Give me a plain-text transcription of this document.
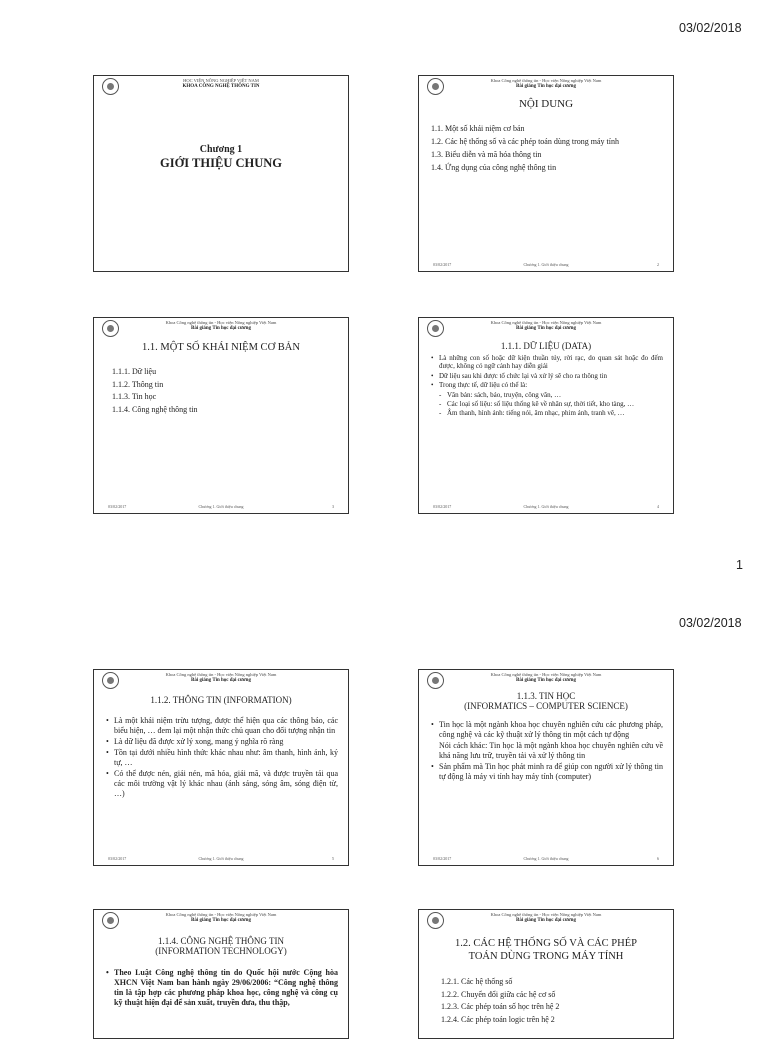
03/02/2018
HỌC VIỆN NÔNG NGHIỆP VIỆT NAM
KHOA CÔNG NGHỆ THÔNG TIN
Chương 1
GIỚI THIỆU CHUNG
Khoa Công nghệ thông tin - Học viện Nông nghiệp Việt Nam
Bài giảng Tin học đại cương
NỘI DUNG
1.1. Một số khái niệm cơ bản
1.2. Các hệ thống số và các phép toán dùng trong máy tính
1.3. Biểu diễn và mã hóa thông tin
1.4. Ứng dụng của công nghệ thông tin
03/02/2017	Chương 1. Giới thiệu chung	2
Khoa Công nghệ thông tin - Học viện Nông nghiệp Việt Nam
Bài giảng Tin học đại cương
1.1. MỘT SỐ KHÁI NIỆM CƠ BẢN
1.1.1. Dữ liệu
1.1.2. Thông tin
1.1.3. Tin học
1.1.4. Công nghệ thông tin
03/02/2017	Chương 1. Giới thiệu chung	3
Khoa Công nghệ thông tin - Học viện Nông nghiệp Việt Nam
Bài giảng Tin học đại cương
1.1.1. DỮ LIỆU (DATA)
• Là những con số hoặc dữ kiện thuần túy, rời rạc, do quan sát hoặc đo đếm được, không có ngữ cảnh hay diễn giải
• Dữ liệu sau khi được tổ chức lại và xử lý sẽ cho ra thông tin
• Trong thực tế, dữ liệu có thể là:
- Văn bản: sách, báo, truyện, công văn, …
- Các loại số liệu: số liệu thống kê về nhân sự, thời tiết, kho tàng, …
- Âm thanh, hình ảnh: tiếng nói, âm nhạc, phim ảnh, tranh vẽ, …
03/02/2017	Chương 1. Giới thiệu chung	4
1
03/02/2018
Khoa Công nghệ thông tin - Học viện Nông nghiệp Việt Nam
Bài giảng Tin học đại cương
1.1.2. THÔNG TIN (INFORMATION)
• Là một khái niệm trừu tượng, được thể hiện qua các thông báo, các biểu hiện, … đem lại một nhận thức chủ quan cho đối tượng nhận tin
• Là dữ liệu đã được xử lý xong, mang ý nghĩa rõ ràng
• Tồn tại dưới nhiều hình thức khác nhau như: âm thanh, hình ảnh, ký tự, …
• Có thể được nén, giải nén, mã hóa, giải mã, và được truyền tải qua các môi trường vật lý khác nhau (ánh sáng, sóng âm, sóng điện từ, …)
03/02/2017	Chương 1. Giới thiệu chung	5
Khoa Công nghệ thông tin - Học viện Nông nghiệp Việt Nam
Bài giảng Tin học đại cương
1.1.3. TIN HỌC
(INFORMATICS – COMPUTER SCIENCE)
• Tin học là một ngành khoa học chuyên nghiên cứu các phương pháp, công nghệ và các kỹ thuật xử lý thông tin một cách tự động
Nói cách khác: Tin học là một ngành khoa học chuyên nghiên cứu về khả năng lưu trữ, truyền tải và xử lý thông tin
• Sản phẩm mà Tin học phát minh ra để giúp con người xử lý thông tin tự động là máy vi tính hay máy tính (computer)
03/02/2017	Chương 1. Giới thiệu chung	6
Khoa Công nghệ thông tin - Học viện Nông nghiệp Việt Nam
Bài giảng Tin học đại cương
1.1.4. CÔNG NGHỆ THÔNG TIN
(INFORMATION TECHNOLOGY)
• Theo Luật Công nghệ thông tin do Quốc hội nước Cộng hòa XHCN Việt Nam ban hành ngày 29/06/2006: “Công nghệ thông tin là tập hợp các phương pháp khoa học, công nghệ và công cụ kỹ thuật hiện đại để sản xuất, truyền đưa, thu thập,
Khoa Công nghệ thông tin - Học viện Nông nghiệp Việt Nam
Bài giảng Tin học đại cương
1.2. CÁC HỆ THỐNG SỐ VÀ CÁC PHÉP
TOÁN DÙNG TRONG MÁY TÍNH
1.2.1. Các hệ thống số
1.2.2. Chuyển đổi giữa các hệ cơ số
1.2.3. Các phép toán số học trên hệ 2
1.2.4. Các phép toán logic trên hệ 2
